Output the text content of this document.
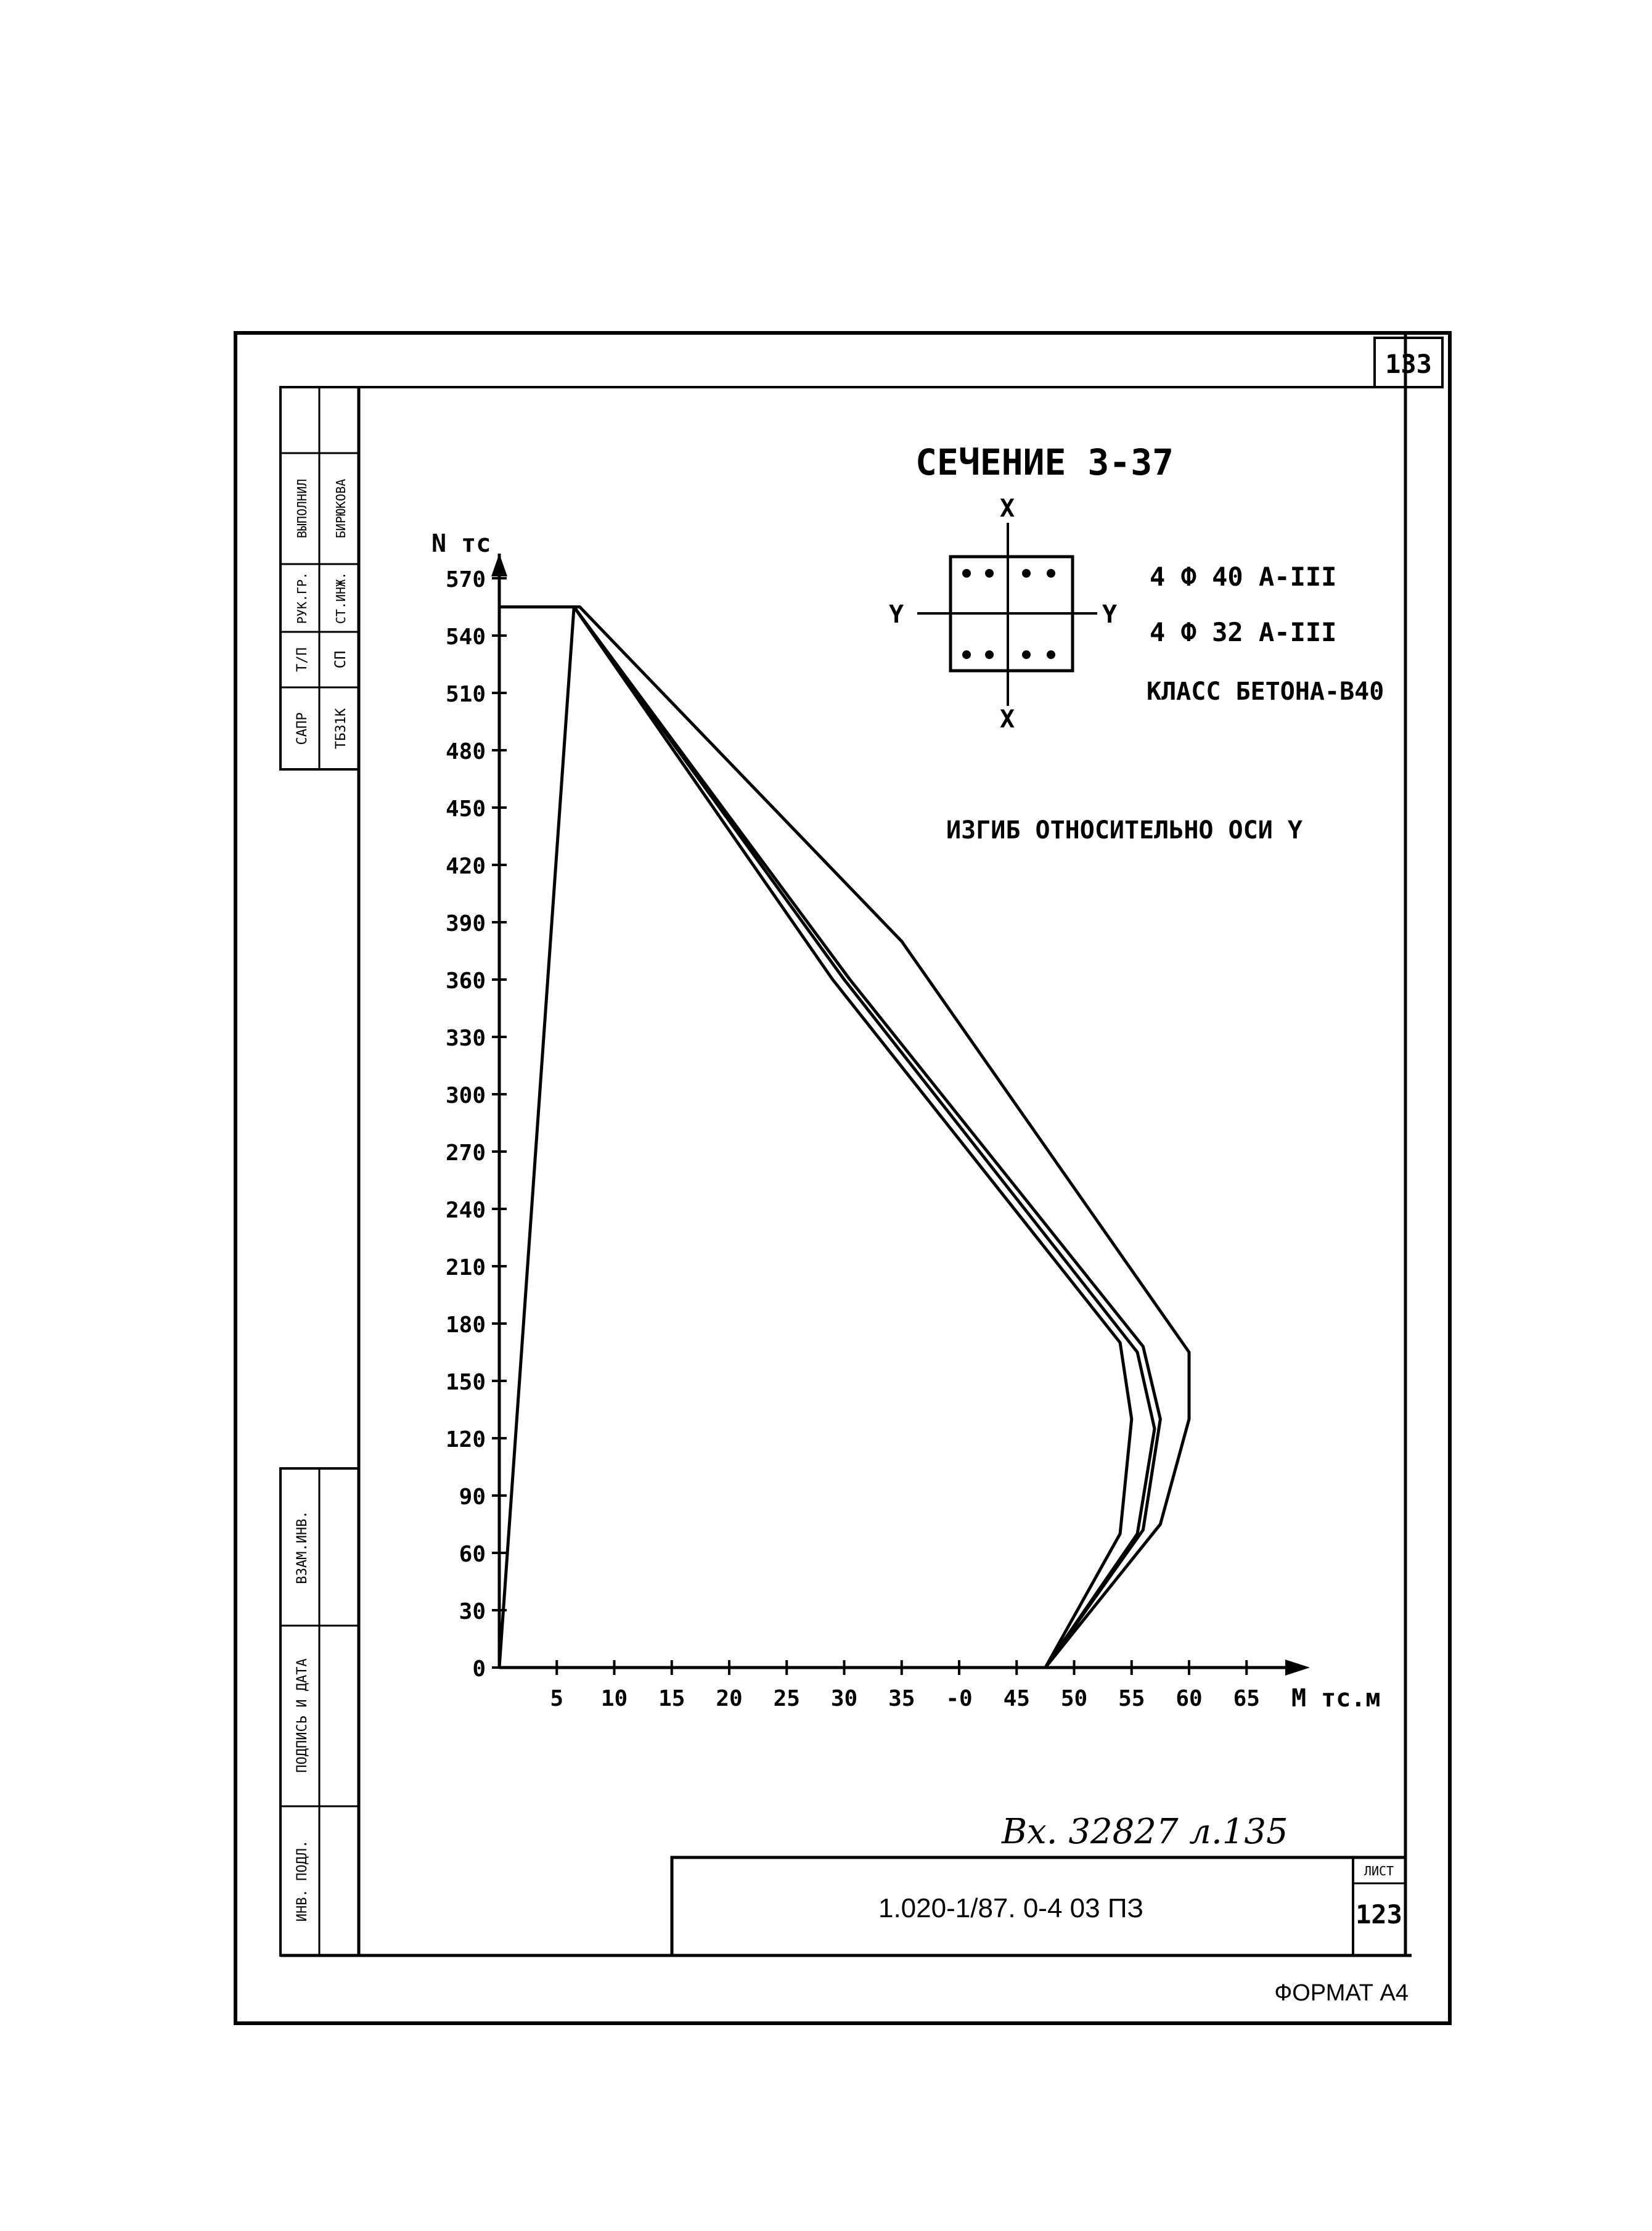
133
САПР
Т/П
РУК.ГР.
ВЫПОЛНИЛ
ТБЗ1К
СП
СТ.ИНЖ.
БИРЮКОВА
ВЗАМ.ИНВ.
ПОДПИСЬ И ДАТА
ИНВ. ПОДЛ.
N тс
M тс.м
0
30
60
90
120
150
180
210
240
270
300
330
360
390
420
450
480
510
540
570
5 10 15 20 25 30 35 -0 45 50 55 60 65
СЕЧЕНИЕ 3-37
X
X
Y	Y
4 Ф 40 А-III
4 Ф 32 А-III
КЛАСС БЕТОНА-В40
ИЗГИБ ОТНОСИТЕЛЬНО ОСИ Y
Вх. 32827 л.135
1.020-1/87. 0-4 03 ПЗ
ЛИСТ
123
ФОРМАТ А4
